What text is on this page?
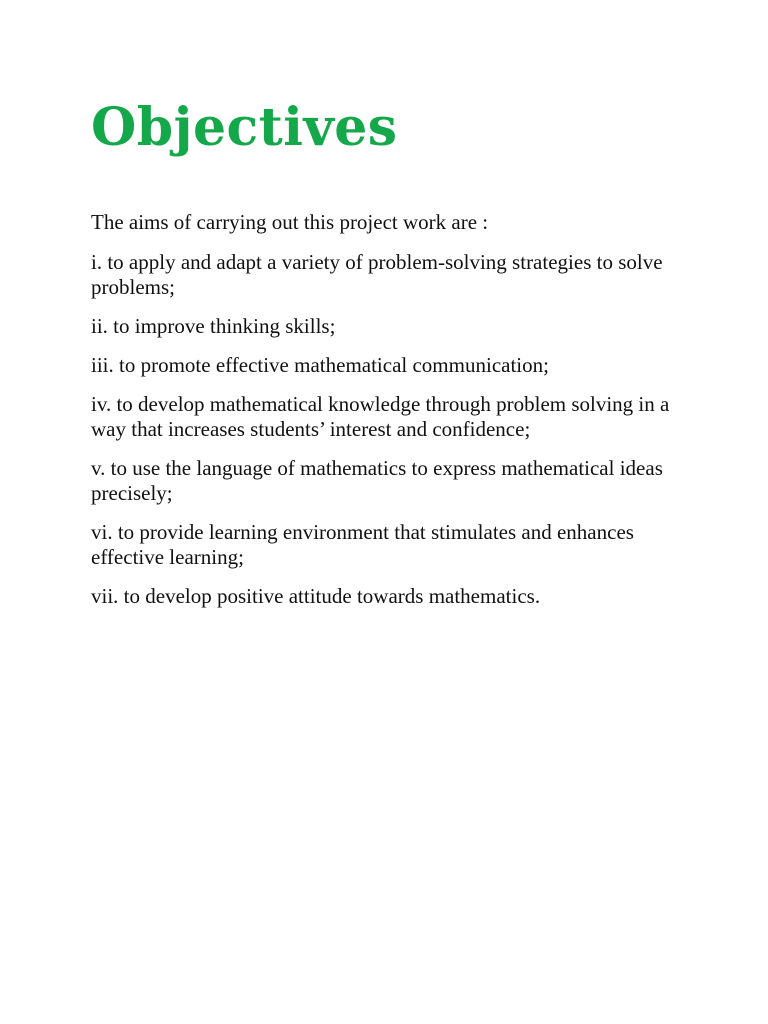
Objectives

The aims of carrying out this project work are :

i. to apply and adapt a variety of problem-solving strategies to solve problems;
ii. to improve thinking skills;
iii. to promote effective mathematical communication;
iv. to develop mathematical knowledge through problem solving in a way that increases students’ interest and confidence;
v. to use the language of mathematics to express mathematical ideas precisely;
vi. to provide learning environment that stimulates and enhances effective learning;
vii. to develop positive attitude towards mathematics.
